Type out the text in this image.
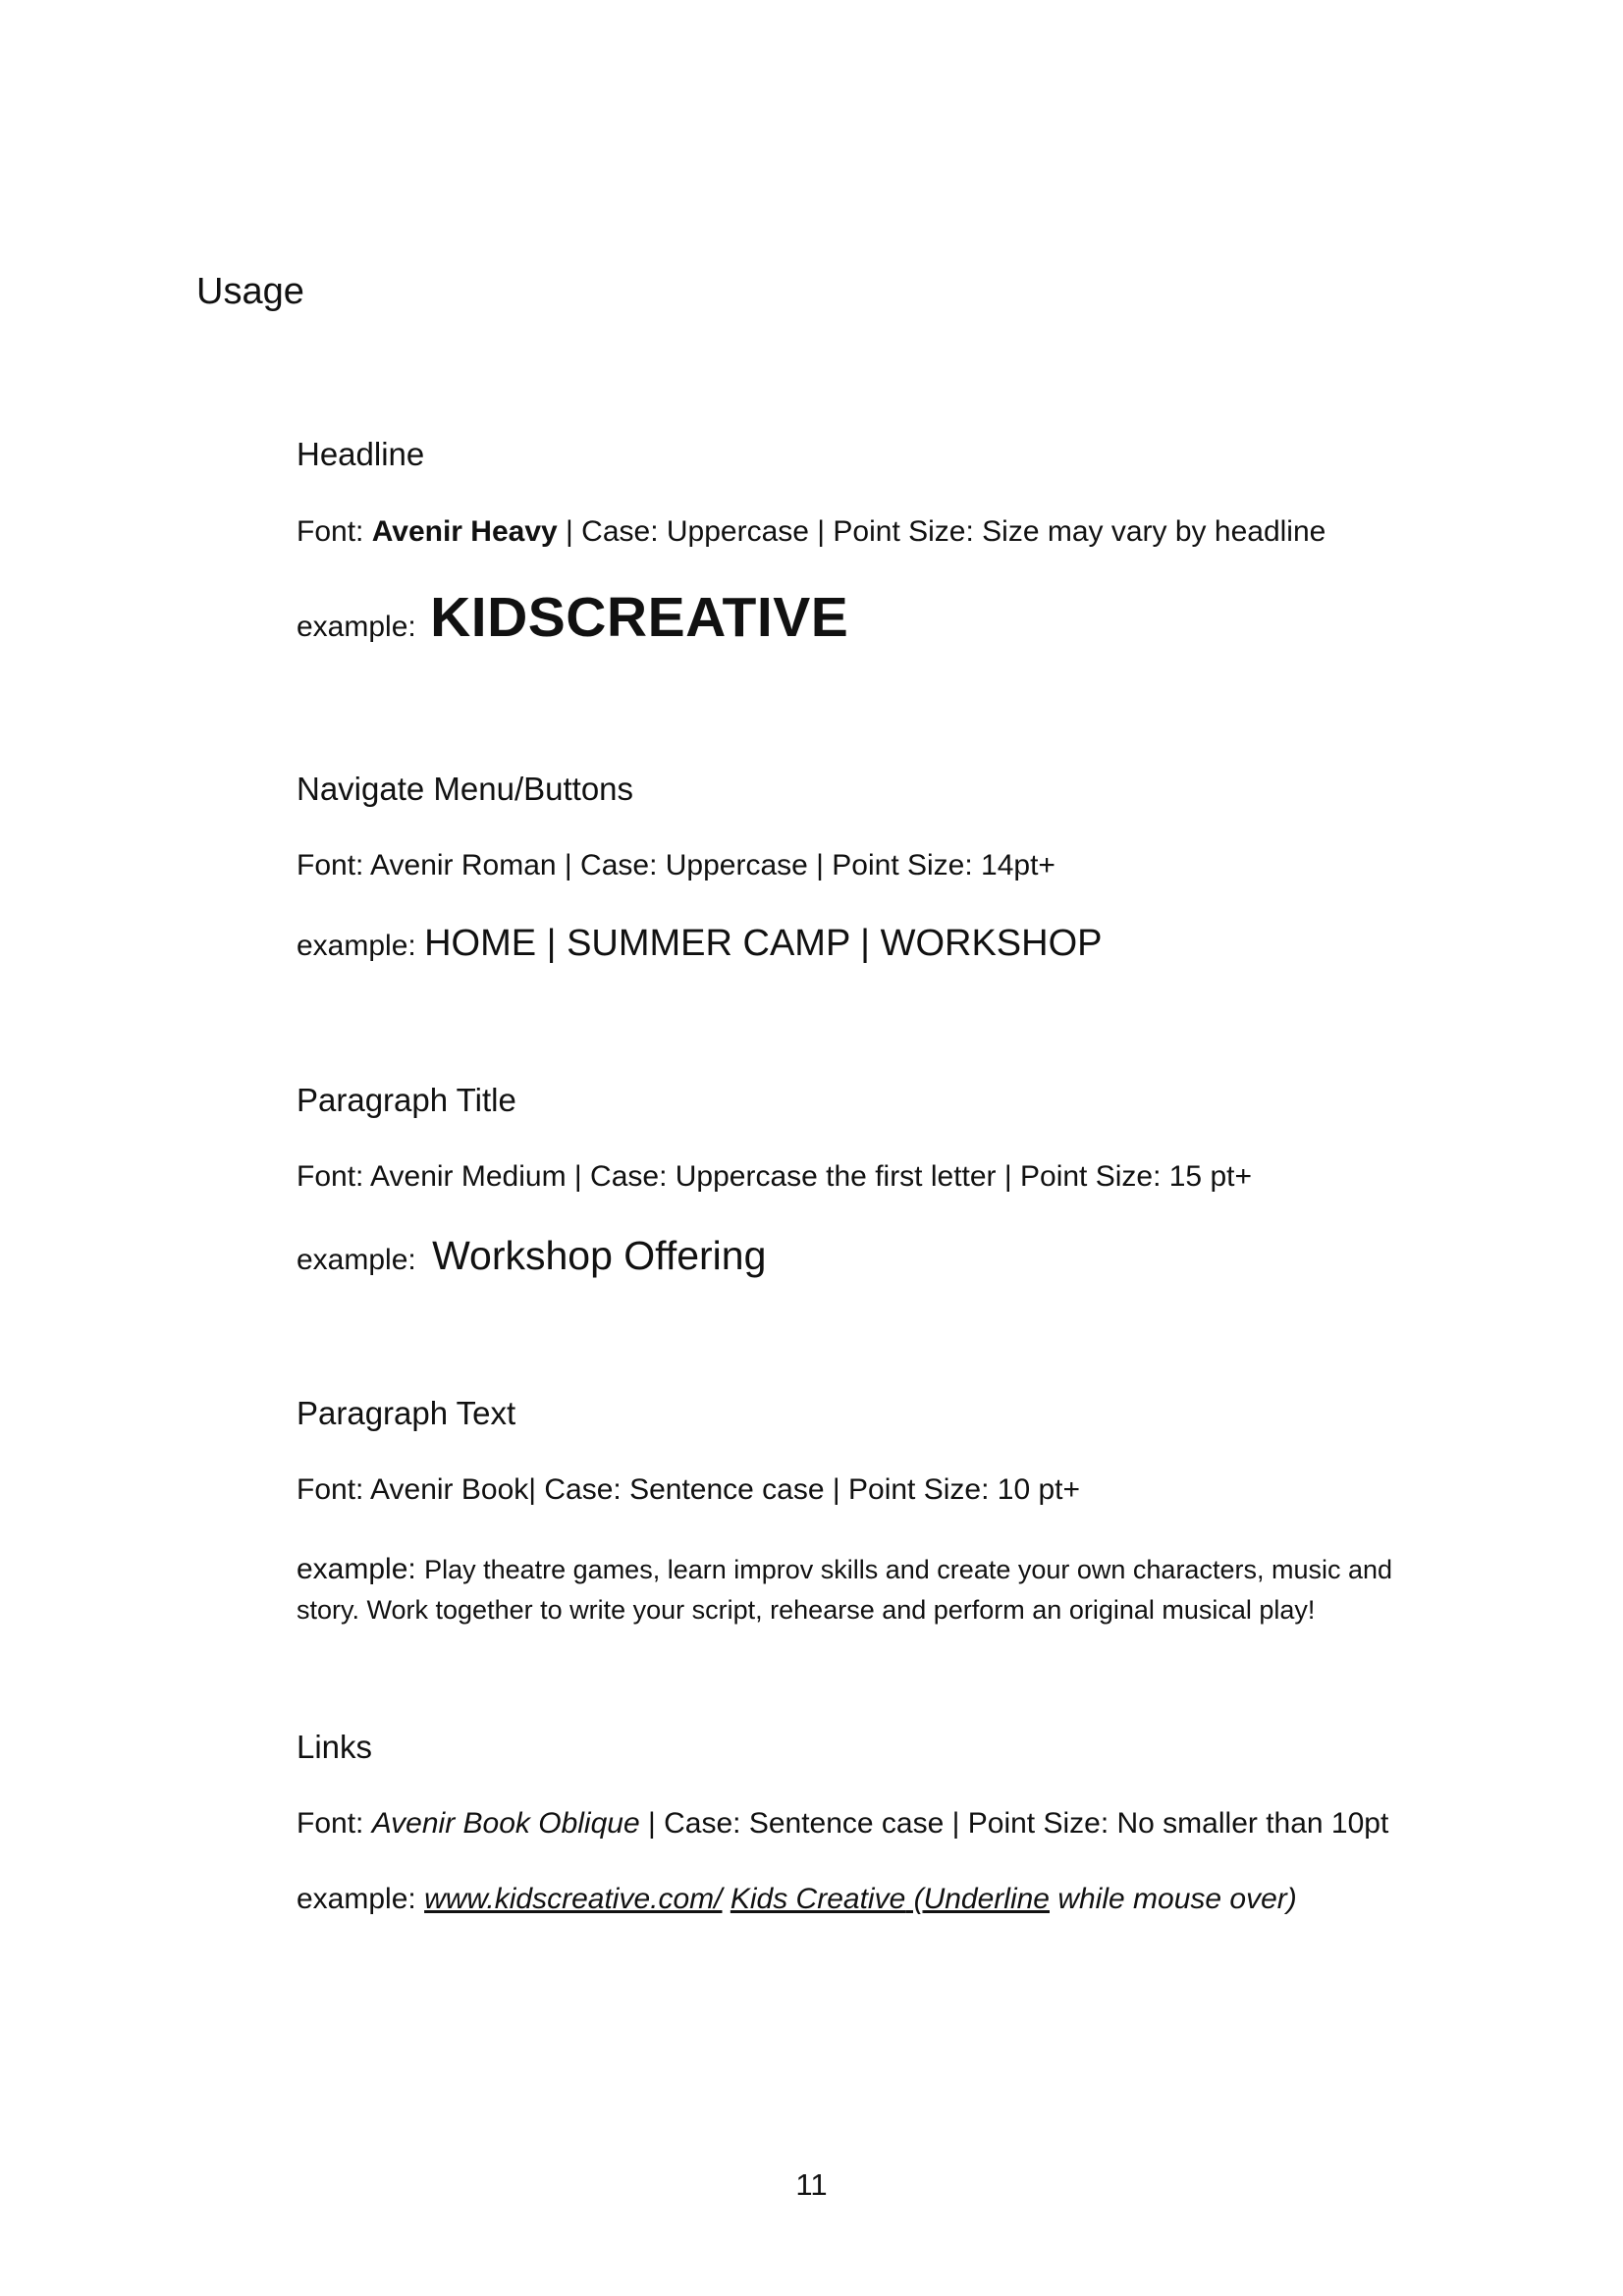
Usage
Headline
Font: Avenir Heavy | Case: Uppercase | Point Size: Size may vary by headline
example: KIDSCREATIVE
Navigate Menu/Buttons
Font: Avenir Roman | Case: Uppercase | Point Size: 14pt+
example: HOME | SUMMER CAMP | WORKSHOP
Paragraph Title
Font: Avenir Medium | Case: Uppercase the first letter | Point Size: 15 pt+
example: Workshop Offering
Paragraph Text
Font: Avenir Book| Case: Sentence case | Point Size: 10 pt+
example: Play theatre games, learn improv skills and create your own characters, music and story. Work together to write your script, rehearse and perform an original musical play!
Links
Font: Avenir Book Oblique | Case: Sentence case | Point Size: No smaller than 10pt
example: www.kidscreative.com/ Kids Creative (Underline while mouse over)
11
